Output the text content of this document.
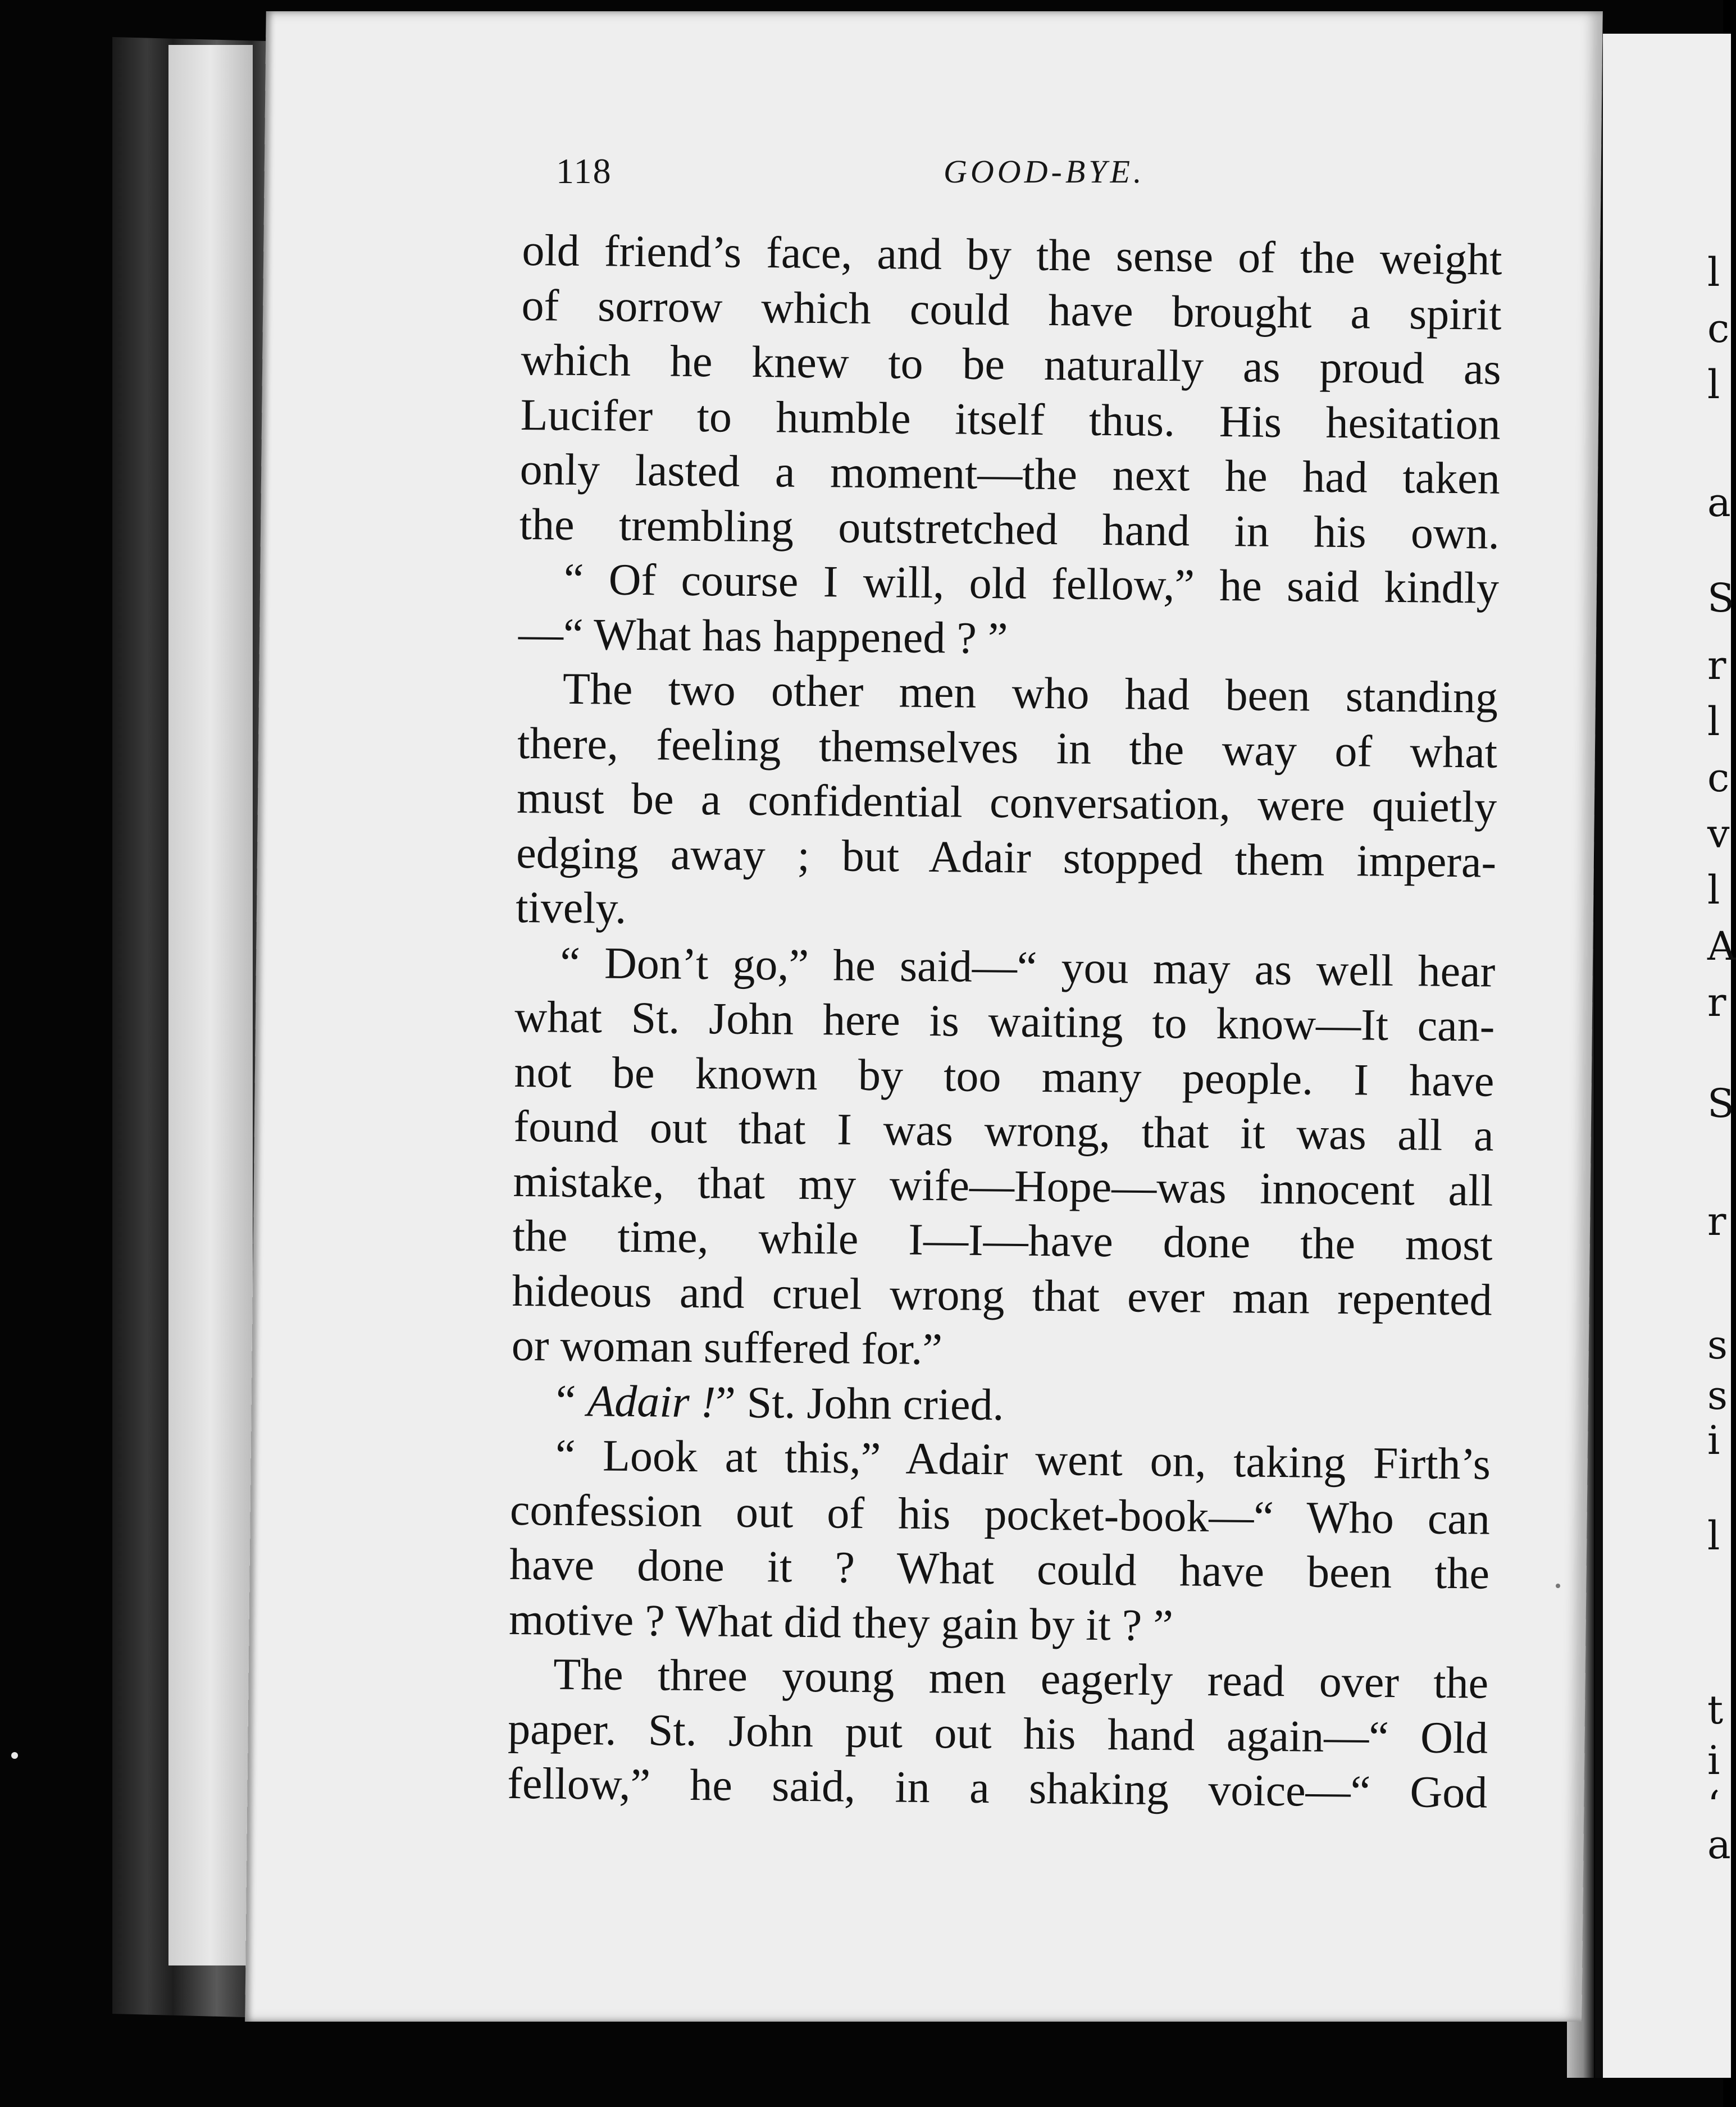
l
c
l
a
S
r
l
c
v
l
A
r
S
r
s
s
i
l
t
i
‘
a
118	GOOD-BYE.
old friend’s face, and by the sense of the weight
of sorrow which could have brought a spirit
which he knew to be naturally as proud as
Lucifer to humble itself thus. His hesitation
only lasted a moment—the next he had taken
the trembling outstretched hand in his own.
“ Of course I will, old fellow,” he said kindly
—“ What has happened ? ”
The two other men who had been standing
there, feeling themselves in the way of what
must be a confidential conversation, were quietly
edging away ; but Adair stopped them impera-
tively.
“ Don’t go,” he said—“ you may as well hear
what St. John here is waiting to know—It can-
not be known by too many people. I have
found out that I was wrong, that it was all a
mistake, that my wife—Hope—was innocent all
the time, while I—I—have done the most
hideous and cruel wrong that ever man repented
or woman suffered for.”
“ Adair !” St. John cried.
“ Look at this,” Adair went on, taking Firth’s
confession out of his pocket-book—“ Who can
have done it ? What could have been the
motive ? What did they gain by it ? ”
The three young men eagerly read over the
paper. St. John put out his hand again—“ Old
fellow,” he said, in a shaking voice—“ God
